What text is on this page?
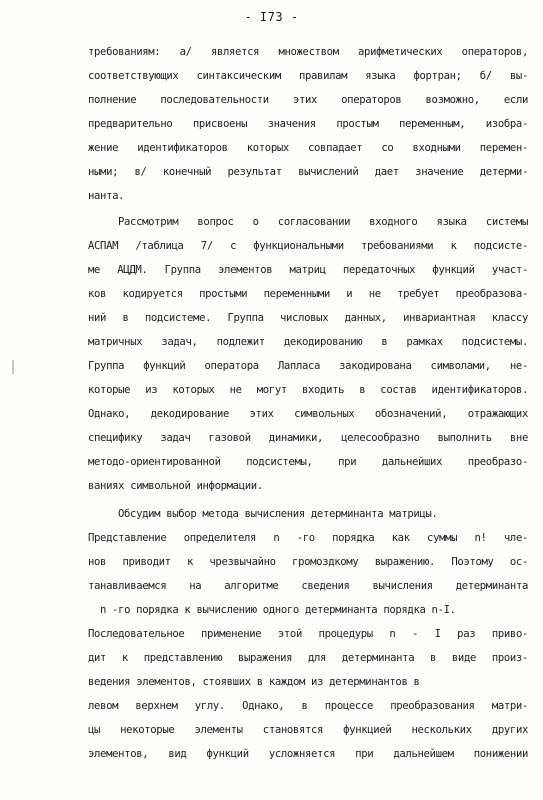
- I73 -
требованиям: а/ является множеством арифметических операторов,
соответствующих синтаксическим правилам языка фортран; б/ вы-
полнение последовательности этих операторов возможно, если
предварительно присвоены значения простым переменным, изобра-
жение идентификаторов которых совпадает со входными перемен-
ными; в/ конечный результат вычислений дает значение детерми-
нанта.
Рассмотрим вопрос о согласовании входного языка системы
АСПАМ /таблица 7/ с функциональными требованиями к подсисте-
ме АЦДМ. Группа элементов матриц передаточных функций участ-
ков кодируется простыми переменными и не требует преобразова-
ний в подсистеме. Группа числовых данных, инвариантная классу
матричных задач, подлежит декодированию в рамках подсистемы.
Группа функций оператора Лапласа закодирована символами, не-
которые из которых не могут входить в состав идентификаторов.
Однако, декодирование этих символьных обозначений, отражающих
специфику задач газовой динамики, целесообразно выполнить вне
методо-ориентированной подсистемы, при дальнейших преобразо-
ваниях символьной информации.
Обсудим выбор метода вычисления детерминанта матрицы.
Представление определителя n -го порядка как суммы n! чле-
нов приводит к чрезвычайно громоздкому выражению. Поэтому ос-
танавливаемся на алгоритме сведения вычисления детерминанта
n -го порядка к вычислению одного детерминанта порядка n-I.
Последовательное применение этой процедуры n - I раз приво-
дит к представлению выражения для детерминанта в виде произ-
ведения элементов, стоявших в каждом из детерминантов в
левом верхнем углу. Однако, в процессе преобразования матри-
цы некоторые элементы становятся функцией нескольких других
элементов, вид функций усложняется при дальнейшем понижении
